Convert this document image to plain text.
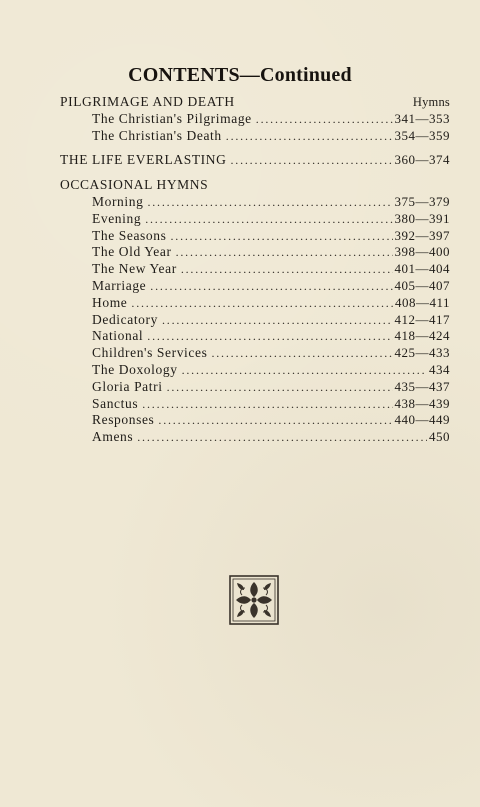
CONTENTS—Continued
PILGRIMAGE AND DEATH	Hymns
The Christian's Pilgrimage .....	341—353
The Christian's Death .....	354—359
THE LIFE EVERLASTING .....	360—374
OCCASIONAL HYMNS
Morning .....	375—379
Evening .....	380—391
The Seasons .....	392—397
The Old Year .....	398—400
The New Year .....	401—404
Marriage .....	405—407
Home .....	408—411
Dedicatory .....	412—417
National .....	418—424
Children's Services .....	425—433
The Doxology .....	434
Gloria Patri .....	435—437
Sanctus .....	438—439
Responses .....	440—449
Amens .....	450
